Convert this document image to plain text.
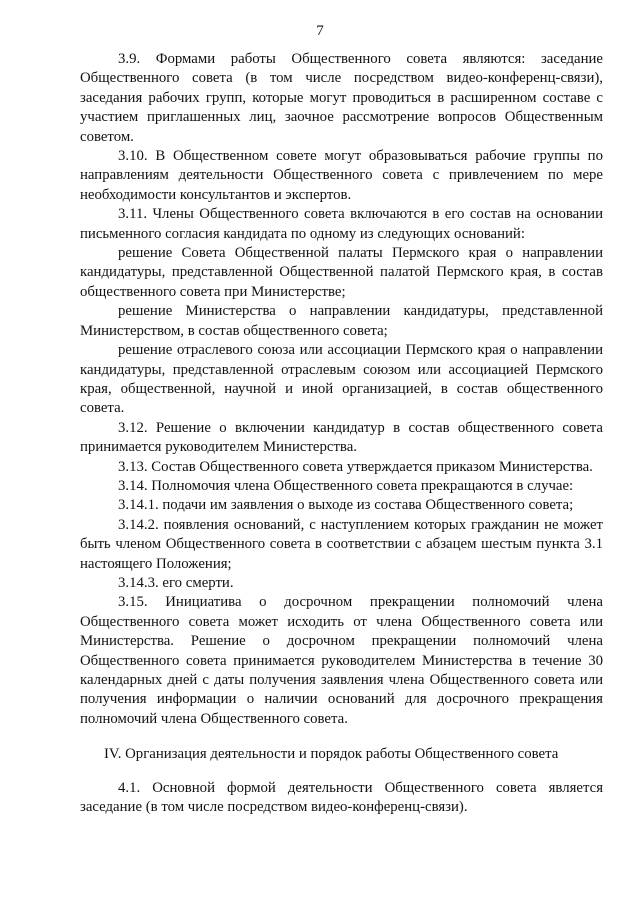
7

3.9. Формами работы Общественного совета являются: заседание Общественного совета (в том числе посредством видео-конференц-связи), заседания рабочих групп, которые могут проводиться в расширенном составе с участием приглашенных лиц, заочное рассмотрение вопросов Общественным советом.

3.10. В Общественном совете могут образовываться рабочие группы по направлениям деятельности Общественного совета с привлечением по мере необходимости консультантов и экспертов.

3.11. Члены Общественного совета включаются в его состав на основании письменного согласия кандидата по одному из следующих оснований:

решение Совета Общественной палаты Пермского края о направлении кандидатуры, представленной Общественной палатой Пермского края, в состав общественного совета при Министерстве;

решение Министерства о направлении кандидатуры, представленной Министерством, в состав общественного совета;

решение отраслевого союза или ассоциации Пермского края о направлении кандидатуры, представленной отраслевым союзом или ассоциацией Пермского края, общественной, научной и иной организацией, в состав общественного совета.

3.12. Решение о включении кандидатур в состав общественного совета принимается руководителем Министерства.

3.13. Состав Общественного совета утверждается приказом Министерства.

3.14. Полномочия члена Общественного совета прекращаются в случае:

3.14.1. подачи им заявления о выходе из состава Общественного совета;

3.14.2. появления оснований, с наступлением которых гражданин не может быть членом Общественного совета в соответствии с абзацем шестым пункта 3.1 настоящего Положения;

3.14.3. его смерти.

3.15. Инициатива о досрочном прекращении полномочий члена Общественного совета может исходить от члена Общественного совета или Министерства. Решение о досрочном прекращении полномочий члена Общественного совета принимается руководителем Министерства в течение 30 календарных дней с даты получения заявления члена Общественного совета или получения информации о наличии оснований для досрочного прекращения полномочий члена Общественного совета.

IV. Организация деятельности и порядок работы Общественного совета

4.1. Основной формой деятельности Общественного совета является заседание (в том числе посредством видео-конференц-связи).
